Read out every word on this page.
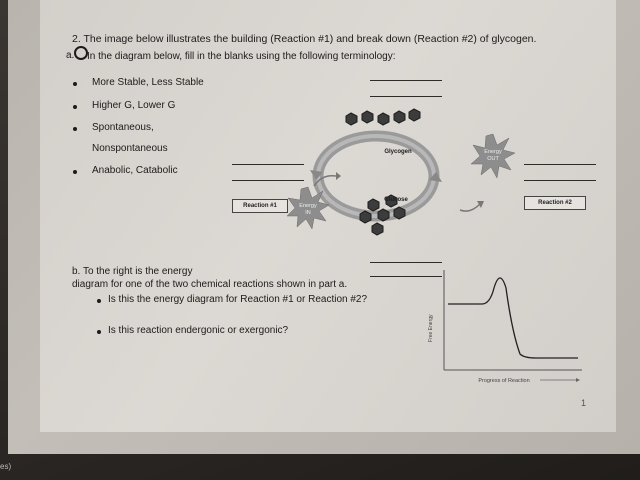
2. The image below illustrates the building (Reaction #1) and break down (Reaction #2) of glycogen.
a. In the diagram below, fill in the blanks using the following terminology:
More Stable, Less Stable
Higher G, Lower G
Spontaneous,
Nonspontaneous
Anabolic, Catabolic
Glycogen
Glucose
Energy
IN
Energy
OUT
Reaction #1	Reaction #2
b. To the right is the energy
diagram for one of the two chemical reactions shown in part a.
Is this the energy diagram for Reaction #1 or Reaction #2?
Is this reaction endergonic or exergonic?	Free Energy
Progress of Reaction
1
es)
